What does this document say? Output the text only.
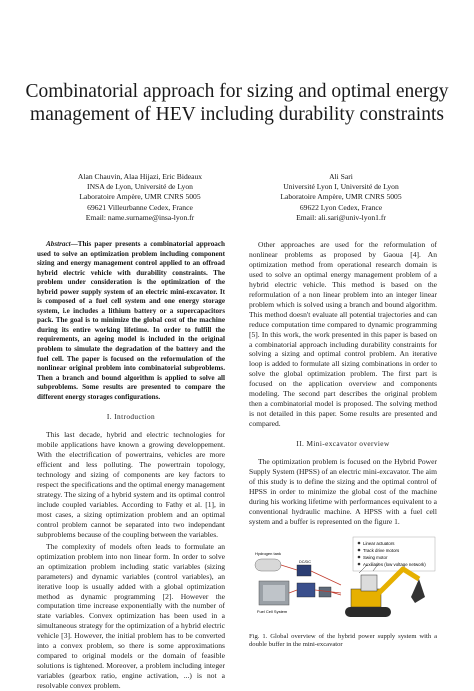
Combinatorial approach for sizing and optimal energy management of HEV including durability constraints
Alan Chauvin, Alaa Hijazi, Eric Bideaux
INSA de Lyon, Université de Lyon
Laboratoire Ampère, UMR CNRS 5005
69621 Villeurbanne Cedex, France
Email: name.surname@insa-lyon.fr
Ali Sari
Université Lyon I, Université de Lyon
Laboratoire Ampère, UMR CNRS 5005
69622 Lyon Cedex, France
Email: ali.sari@univ-lyon1.fr

Abstract—This paper presents a combinatorial approach used to solve an optimization problem including component sizing and energy management control applied to an offroad hybrid electric vehicle with durability constraints. The problem under consideration is the optimization of the hybrid power supply system of an electric mini-excavator. It is composed of a fuel cell system and one energy storage system, i.e includes a lithium battery or a supercapacitors pack. The goal is to minimize the global cost of the machine during its entire working lifetime. In order to fulfill the requirements, an ageing model is included in the original problem to simulate the degradation of the battery and the fuel cell. The paper is focused on the reformulation of the nonlinear original problem into combinatorial subproblems. Then a branch and bound algorithm is applied to solve all subproblems. Some results are presented to compare the different energy storages configurations.

I. Introduction

This last decade, hybrid and electric technologies for mobile applications have known a growing developpement. With the electrification of powertrains, vehicles are more efficient and less polluting. The powertrain topology, technology and sizing of components are key factors to respect the specifications and the optimal energy management strategy. The sizing of a hybrid system and its optimal control include coupled variables. According to Fathy et al. [1], in most cases, a sizing optimization problem and an optimal control problem cannot be separated into two independant subproblems because of the coupling between the variables.

The complexity of models often leads to formulate an optimization problem into non linear form. In order to solve an optimization problem including static variables (sizing parameters) and dynamic variables (control variables), an iterative loop is usually added with a global optimization method as dynamic programming [2]. However the computation time increase exponentially with the number of state variables. Convex optimization has been used in a simultaneous strategy for the optimization of a hybrid electric vehicle [3]. However, the initial problem has to be converted into a convex problem, so there is some approximations compared to original models or the domain of feasible solutions is tightened. Moreover, a problem including integer variables (gearbox ratio, engine activation, ...) is not a resolvable convex problem.

Other approaches are used for the reformulation of nonlinear problems as proposed by Gaoua [4]. An optimization method from operational research domain is used to solve an optimal energy management problem of a hybrid electric vehicle. This method is based on the reformulation of a non linear problem into an integer linear problem which is solved using a branch and bound algorithm. This method doesn't evaluate all potential trajectories and can reduce computation time compared to dynamic programming [5]. In this work, the work presented in this paper is based on a combinatorial approach including durability constraints for solving a sizing and optimal control problem. An iterative loop is added to formulate all sizing combinations in order to solve the global optimization problem. The first part is focused on the application overview and components modeling. The second part describes the original problem then a combinatorial model is proposed. The solving method is not detailed in this paper. Some results are presented and compared.

II. Mini-excavator overview

The optimization problem is focused on the Hybrid Power Supply System (HPSS) of an electric mini-excavator. The aim of this study is to define the sizing and the optimal control of HPSS in order to minimize the global cost of the machine during his working lifetime with performances equivalent to a conventional hydraulic machine. A HPSS with a fuel cell system and a buffer is represented on the figure 1.

Linear actuators
Track drive motors
Swing motor
Auxiliaries (low voltage network)
Hydrogen tank
Fuel Cell System
DC/DC

Fig. 1. Global overview of the hybrid power supply system with a double buffer in the mini-excavator
